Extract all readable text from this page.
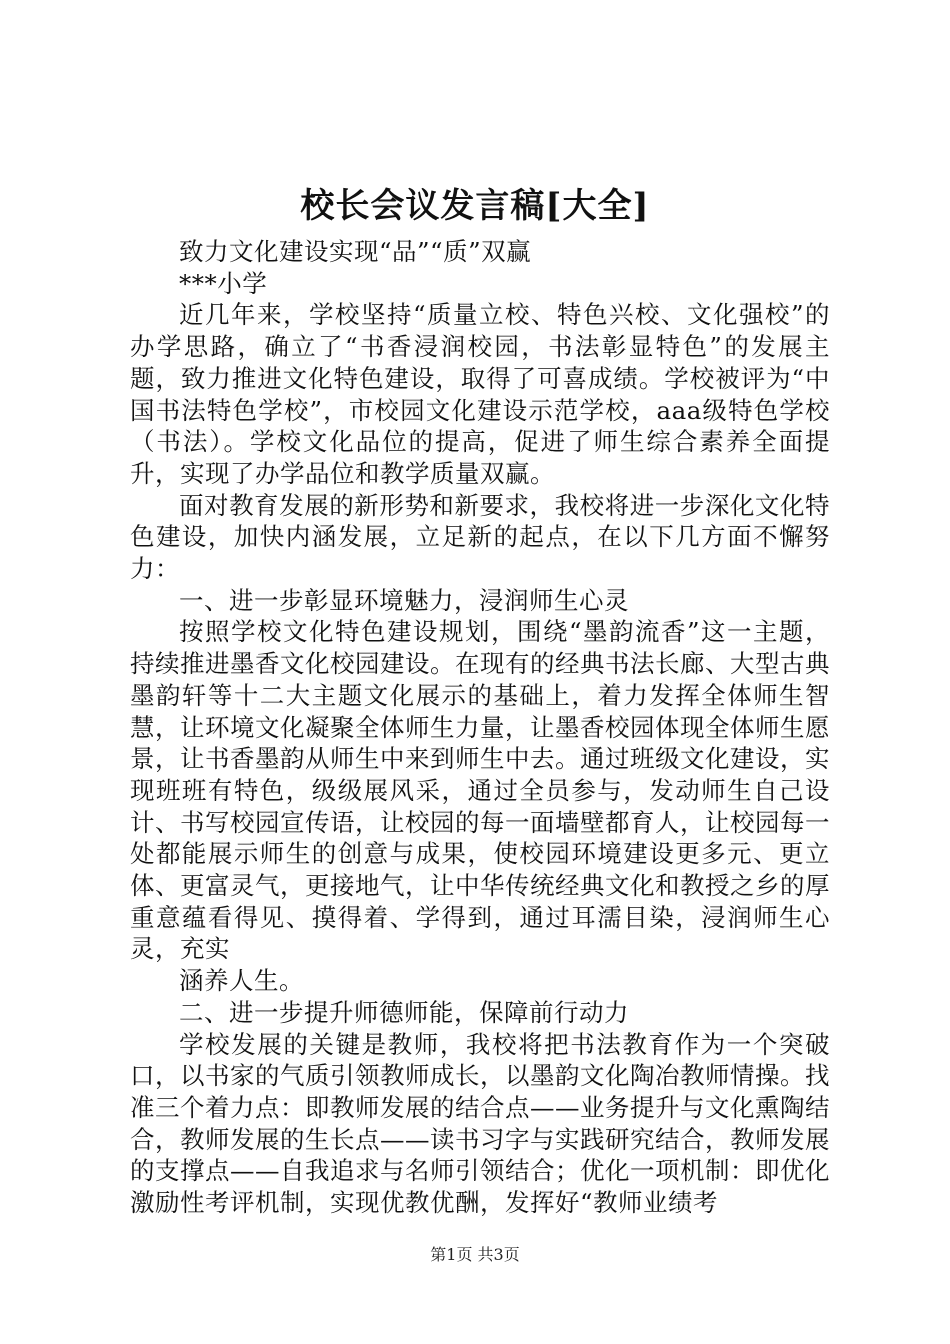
校长会议发言稿[大全]

致力文化建设实现“品”“质”双赢

***小学

近几年来，学校坚持“质量立校、特色兴校、文化强校”的办学思路，确立了“书香浸润校园，书法彰显特色”的发展主题，致力推进文化特色建设，取得了可喜成绩。学校被评为“中国书法特色学校”，市校园文化建设示范学校，aaa级特色学校（书法）。学校文化品位的提高，促进了师生综合素养全面提升，实现了办学品位和教学质量双赢。

面对教育发展的新形势和新要求，我校将进一步深化文化特色建设，加快内涵发展，立足新的起点，在以下几方面不懈努力：

一、进一步彰显环境魅力，浸润师生心灵

按照学校文化特色建设规划，围绕“墨韵流香”这一主题，持续推进墨香文化校园建设。在现有的经典书法长廊、大型古典墨韵轩等十二大主题文化展示的基础上，着力发挥全体师生智慧，让环境文化凝聚全体师生力量，让墨香校园体现全体师生愿景，让书香墨韵从师生中来到师生中去。通过班级文化建设，实现班班有特色，级级展风采，通过全员参与，发动师生自己设计、书写校园宣传语，让校园的每一面墙壁都育人，让校园每一处都能展示师生的创意与成果，使校园环境建设更多元、更立体、更富灵气，更接地气，让中华传统经典文化和教授之乡的厚重意蕴看得见、摸得着、学得到，通过耳濡目染，浸润师生心灵，充实

涵养人生。

二、进一步提升师德师能，保障前行动力

学校发展的关键是教师，我校将把书法教育作为一个突破口，以书家的气质引领教师成长，以墨韵文化陶冶教师情操。找准三个着力点：即教师发展的结合点——业务提升与文化熏陶结合，教师发展的生长点——读书习字与实践研究结合，教师发展的支撑点——自我追求与名师引领结合；优化一项机制：即优化激励性考评机制，实现优教优酬，发挥好“教师业绩考

第1页 共3页
